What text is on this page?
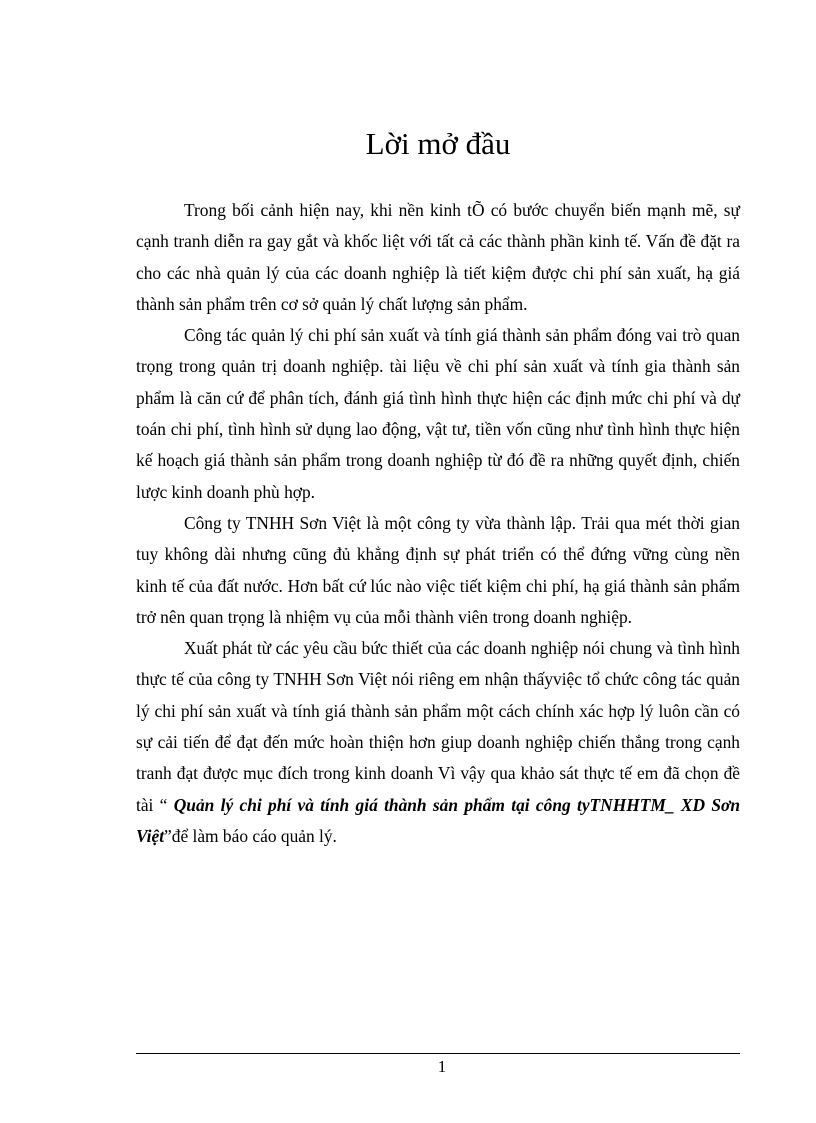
Lời mở đầu

Trong bối cảnh hiện nay, khi nền kinh tÕ có bước chuyển biến mạnh mẽ, sự cạnh tranh diễn ra gay gắt và khốc liệt với tất cả các thành phần kinh tế. Vấn đề đặt ra cho các nhà quản lý của các doanh nghiệp là tiết kiệm được chi phí sản xuất, hạ giá thành sản phẩm trên cơ sở quản lý chất lượng sản phẩm.

Công tác quản lý chi phí sản xuất và tính giá thành sản phẩm đóng vai trò quan trọng trong quản trị doanh nghiệp. tài liệu về chi phí sản xuất và tính gia thành sản phẩm là căn cứ để phân tích, đánh giá tình hình thực hiện các định mức chi phí và dự toán chi phí, tình hình sử dụng lao động, vật tư, tiền vốn cũng như tình hình thực hiện kế hoạch giá thành sản phẩm trong doanh nghiệp từ đó đề ra những quyết định, chiến lược kinh doanh phù hợp.

Công ty TNHH Sơn Việt là một công ty vừa thành lập. Trải qua mét thời gian tuy không dài nhưng cũng đủ khẳng định sự phát triển có thể đứng vững cùng nền kinh tế của đất nước. Hơn bất cứ lúc nào việc tiết kiệm chi phí, hạ giá thành sản phẩm trở nên quan trọng là nhiệm vụ của mỗi thành viên trong doanh nghiệp.

Xuất phát từ các yêu cầu bức thiết của các doanh nghiệp nói chung và tình hình thực tế của công ty TNHH Sơn Việt nói riêng em nhận thấyviệc tổ chức công tác quản lý chi phí sản xuất và tính giá thành sản phẩm một cách chính xác hợp lý luôn cần có sự cải tiến để đạt đến mức hoàn thiện hơn giup doanh nghiệp chiến thắng trong cạnh tranh đạt được mục đích trong kinh doanh Vì vậy qua khảo sát thực tế em đã chọn đề tài “ Quản lý chi phí và tính giá thành sản phẩm tại công tyTNHHTM_ XD Sơn Việt”để làm báo cáo quản lý.

1
